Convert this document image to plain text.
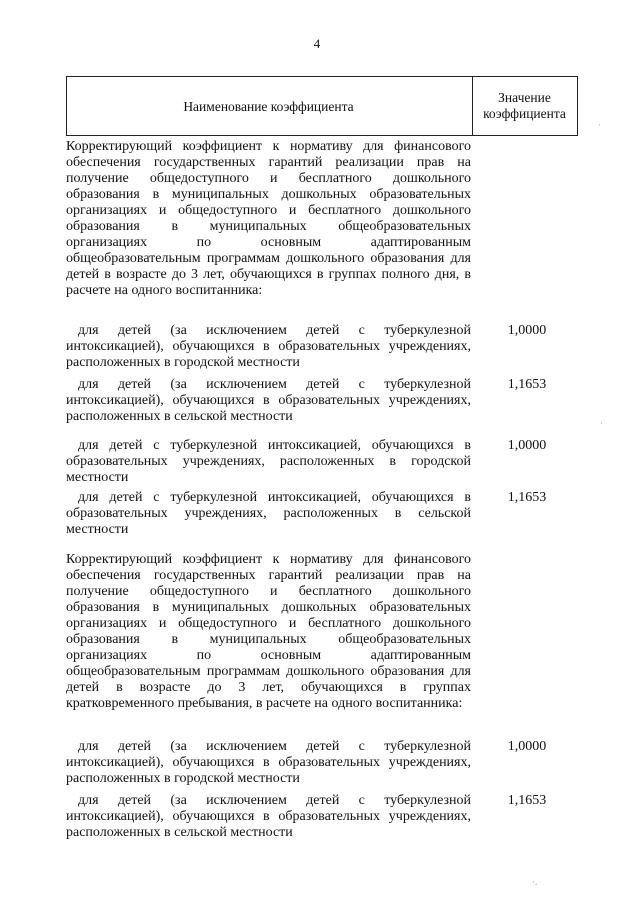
4
Наименование коэффициента
Значение коэффициента

Корректирующий коэффициент к нормативу для финансового обеспечения государственных гарантий реализации прав на получение общедоступного и бесплатного дошкольного образования в муниципальных дошкольных образовательных организациях и общедоступного и бесплатного дошкольного образования в муниципальных общеобразовательных организациях по основным адаптированным общеобразовательным программам дошкольного образования для детей в возрасте до 3 лет, обучающихся в группах полного дня, в расчете на одного воспитанника:

для детей (за исключением детей с туберкулезной интоксикацией), обучающихся в образовательных учреждениях, расположенных в городской местности

1,0000

для детей (за исключением детей с туберкулезной интоксикацией), обучающихся в образовательных учреждениях, расположенных в сельской местности

1,1653

для детей с туберкулезной интоксикацией, обучающихся в образовательных учреждениях, расположенных в городской местности

1,0000

для детей с туберкулезной интоксикацией, обучающихся в образовательных учреждениях, расположенных в сельской местности

1,1653

Корректирующий коэффициент к нормативу для финансового обеспечения государственных гарантий реализации прав на получение общедоступного и бесплатного дошкольного образования в муниципальных дошкольных образовательных организациях и общедоступного и бесплатного дошкольного образования в муниципальных общеобразовательных организациях по основным адаптированным общеобразовательным программам дошкольного образования для детей в возрасте до 3 лет, обучающихся в группах кратковременного пребывания, в расчете на одного воспитанника:

для детей (за исключением детей с туберкулезной интоксикацией), обучающихся в образовательных учреждениях, расположенных в городской местности

1,0000

для детей (за исключением детей с туберкулезной интоксикацией), обучающихся в образовательных учреждениях, расположенных в сельской местности

1,1653

·
·
·.
